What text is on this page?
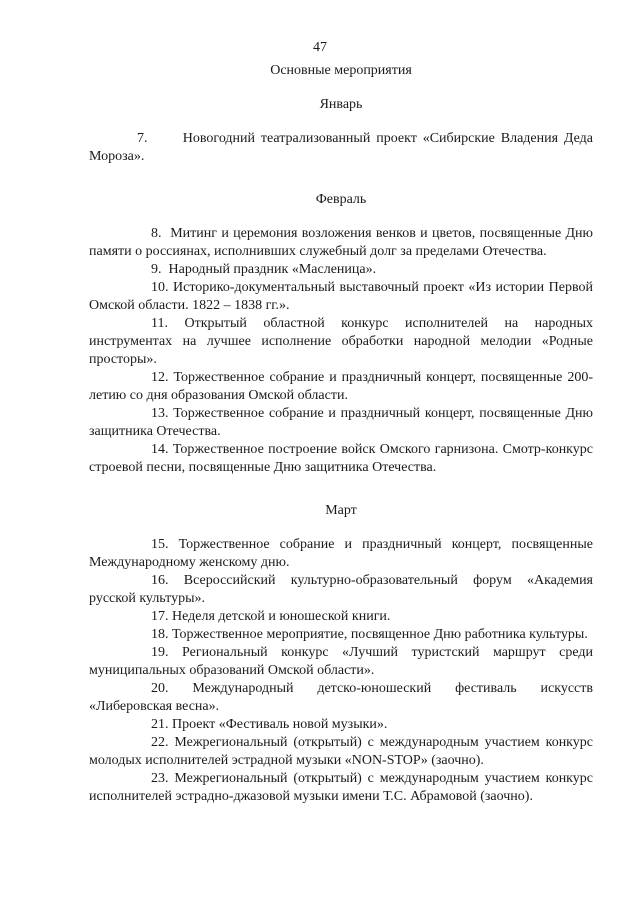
47

Основные мероприятия

Январь

7.	Новогодний театрализованный проект «Сибирские Владения Деда Мороза».

Февраль

8. Митинг и церемония возложения венков и цветов, посвященные Дню памяти о россиянах, исполнивших служебный долг за пределами Отечества.

9. Народный праздник «Масленица».

10. Историко-документальный выставочный проект «Из истории Первой Омской области. 1822 – 1838 гг.».

11. Открытый областной конкурс исполнителей на народных инструментах на лучшее исполнение обработки народной мелодии «Родные просторы».

12. Торжественное собрание и праздничный концерт, посвященные 200-летию со дня образования Омской области.

13. Торжественное собрание и праздничный концерт, посвященные Дню защитника Отечества.

14. Торжественное построение войск Омского гарнизона. Смотр-конкурс строевой песни, посвященные Дню защитника Отечества.

Март

15. Торжественное собрание и праздничный концерт, посвященные Международному женскому дню.

16. Всероссийский культурно-образовательный форум «Академия русской культуры».

17. Неделя детской и юношеской книги.

18. Торжественное мероприятие, посвященное Дню работника культуры.

19. Региональный конкурс «Лучший туристский маршрут среди муниципальных образований Омской области».

20. Международный детско-юношеский фестиваль искусств «Либеровская весна».

21. Проект «Фестиваль новой музыки».

22. Межрегиональный (открытый) с международным участием конкурс молодых исполнителей эстрадной музыки «NON-STOP» (заочно).

23. Межрегиональный (открытый) с международным участием конкурс исполнителей эстрадно-джазовой музыки имени Т.С. Абрамовой (заочно).
